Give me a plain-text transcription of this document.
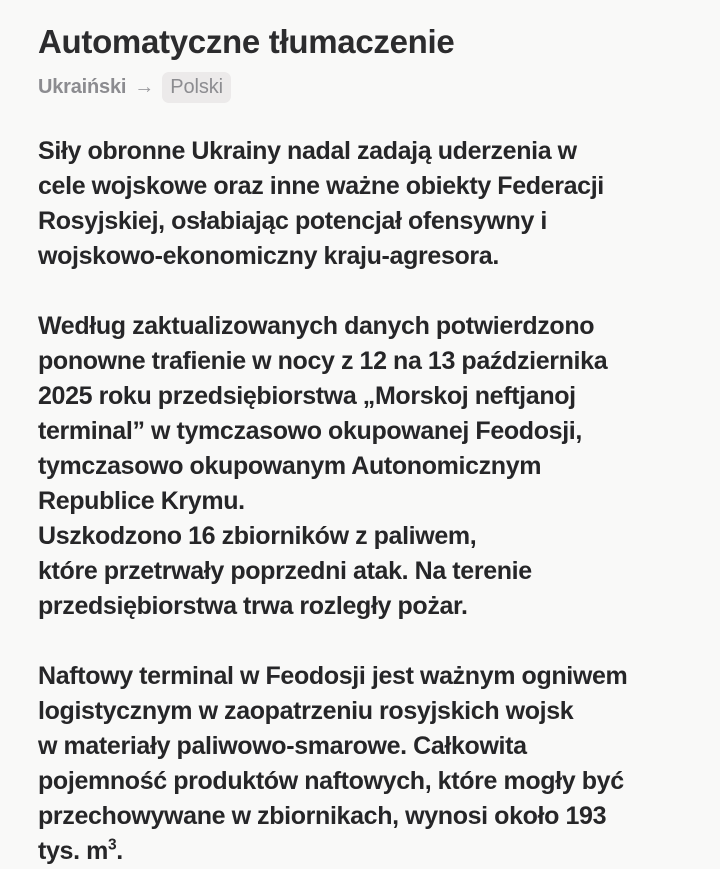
Automatyczne tłumaczenie
Ukraiński → Polski

Siły obronne Ukrainy nadal zadają uderzenia w
cele wojskowe oraz inne ważne obiekty Federacji
Rosyjskiej, osłabiając potencjał ofensywny i
wojskowo-ekonomiczny kraju-agresora.

Według zaktualizowanych danych potwierdzono
ponowne trafienie w nocy z 12 na 13 października
2025 roku przedsiębiorstwa „Morskoj neftjanoj
terminal” w tymczasowo okupowanej Feodosji,
tymczasowo okupowanym Autonomicznym
Republice Krymu.
Uszkodzono 16 zbiorników z paliwem,
które przetrwały poprzedni atak. Na terenie
przedsiębiorstwa trwa rozległy pożar.

Naftowy terminal w Feodosji jest ważnym ogniwem
logistycznym w zaopatrzeniu rosyjskich wojsk
w materiały paliwowo-smarowe. Całkowita
pojemność produktów naftowych, które mogły być
przechowywane w zbiornikach, wynosi około 193
tys. $m^3$.
